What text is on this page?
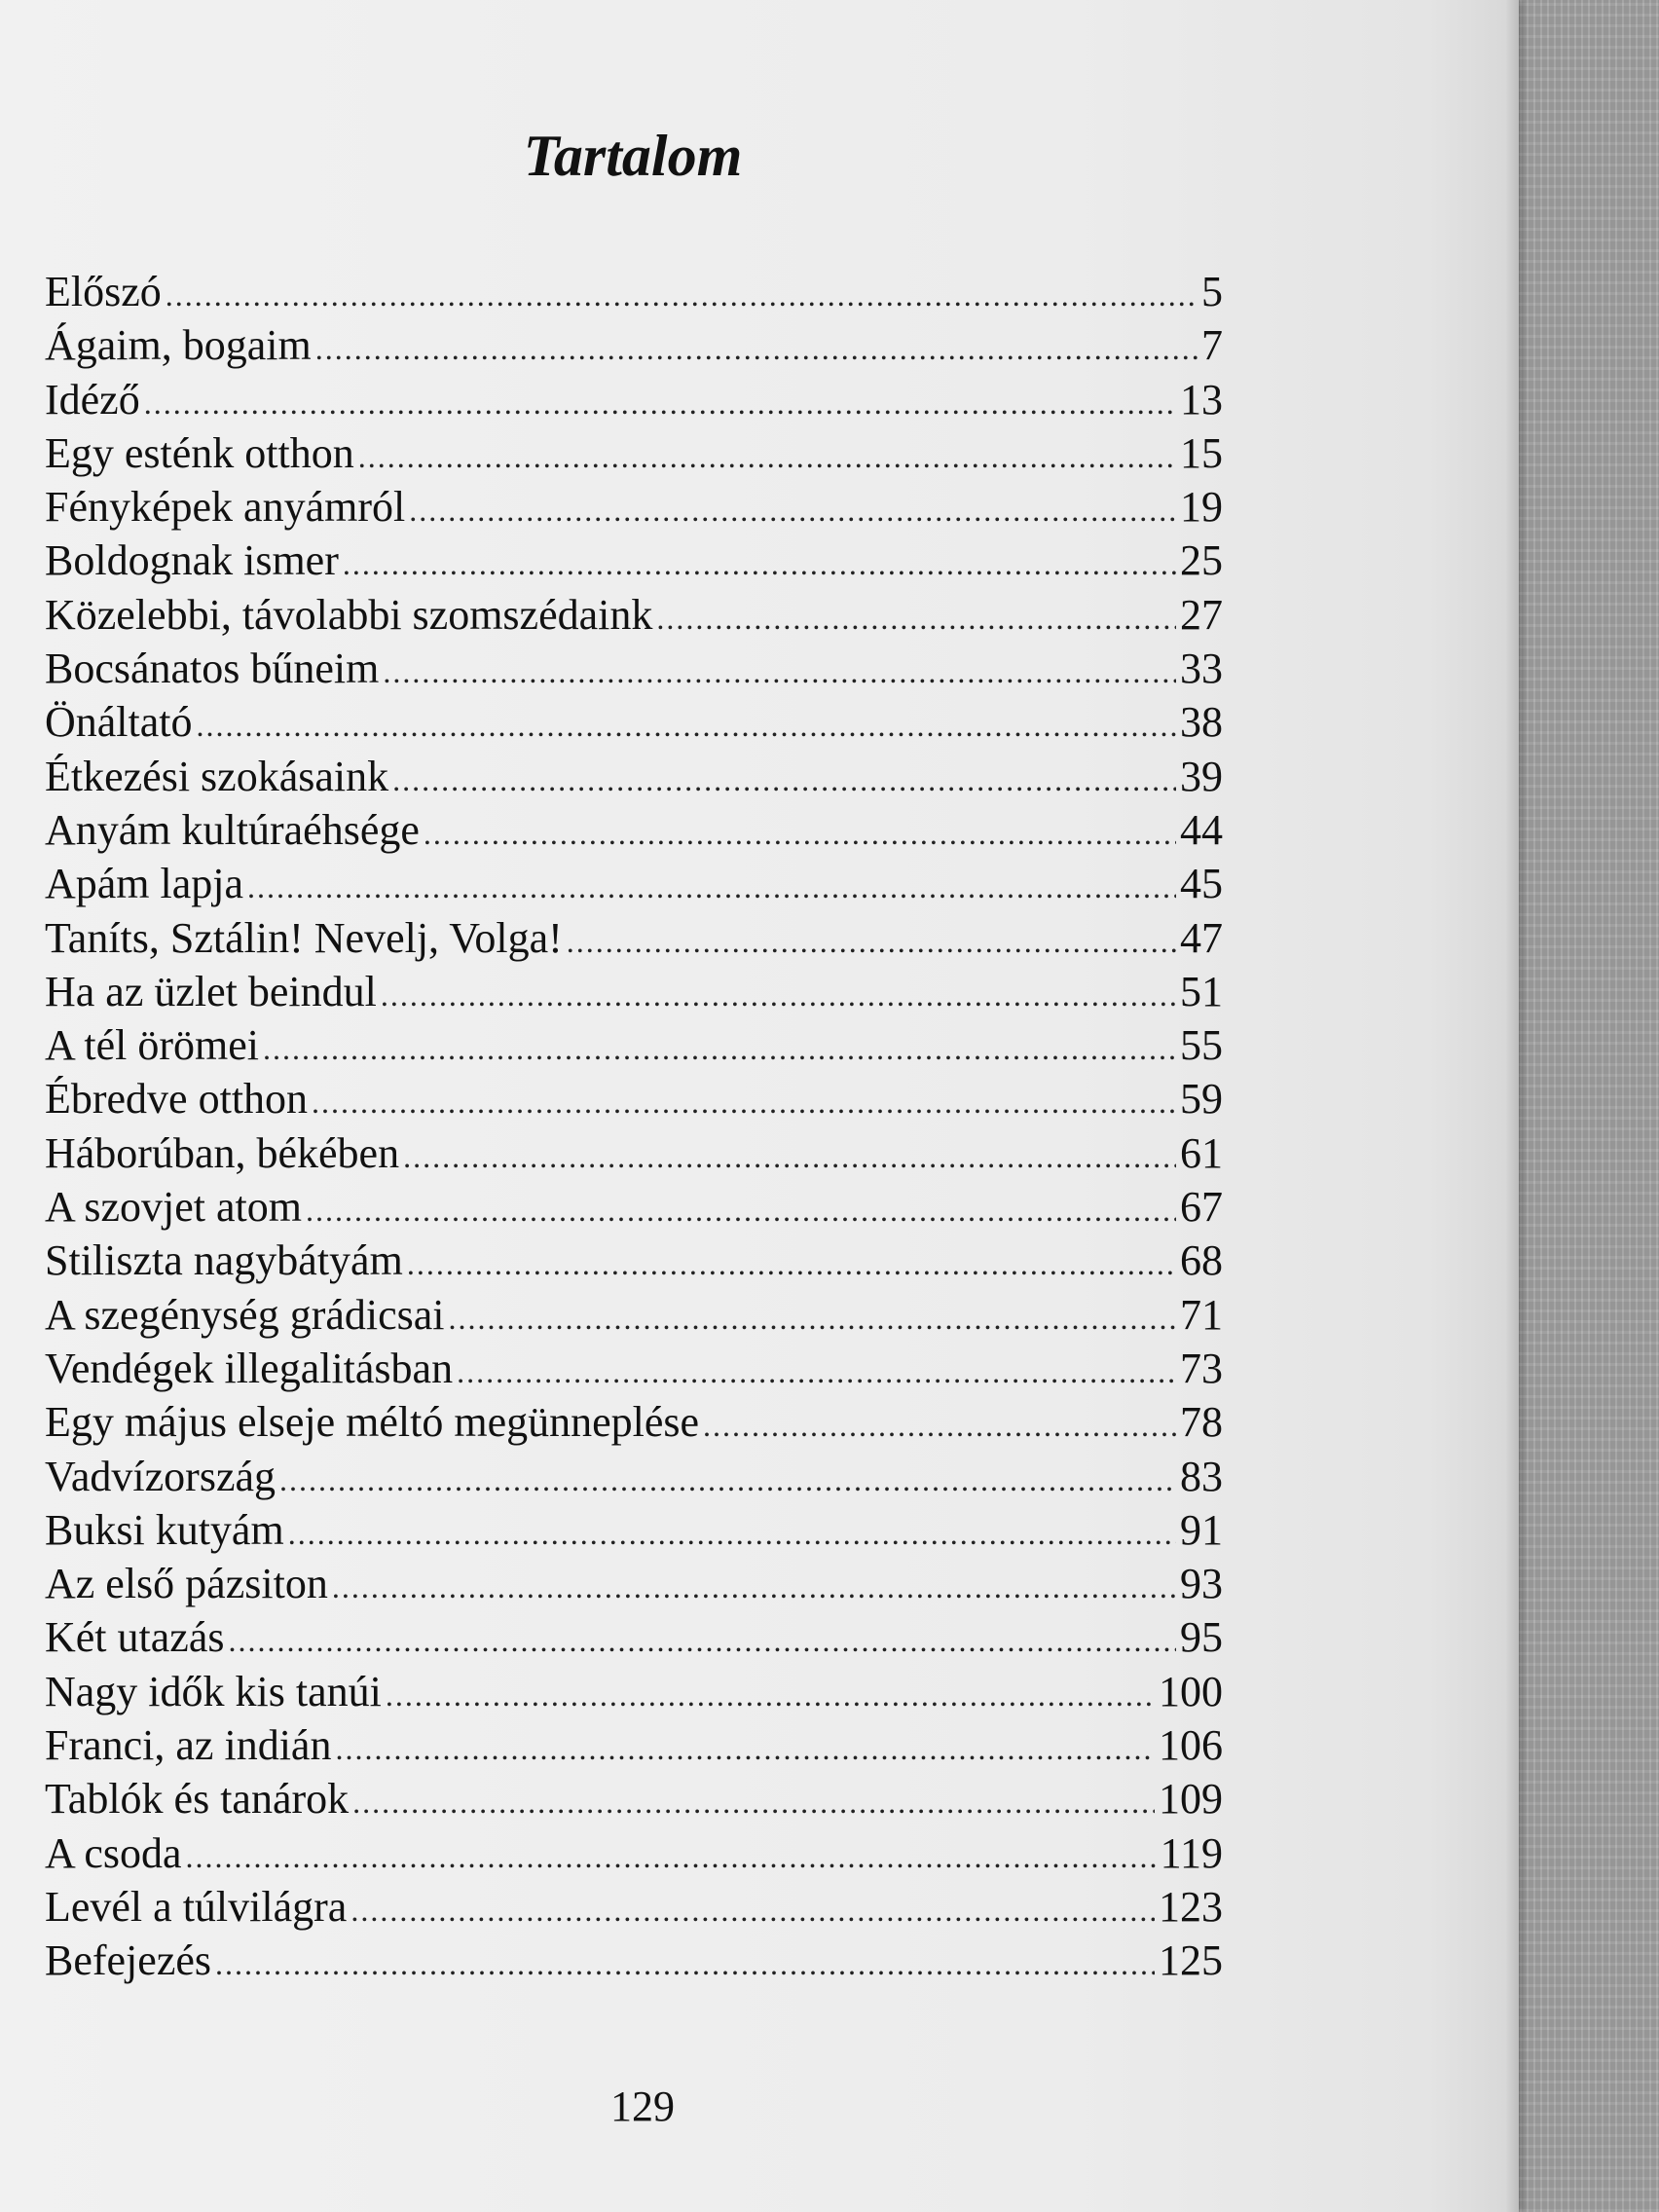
Tartalom
Előszó .....	5
Ágaim, bogaim .....	7
Idéző .....	13
Egy esténk otthon .....	15
Fényképek anyámról .....	19
Boldognak ismer .....	25
Közelebbi, távolabbi szomszédaink .....	27
Bocsánatos bűneim .....	33
Önáltató .....	38
Étkezési szokásaink .....	39
Anyám kultúraéhsége .....	44
Apám lapja .....	45
Taníts, Sztálin! Nevelj, Volga! .....	47
Ha az üzlet beindul .....	51
A tél örömei .....	55
Ébredve otthon .....	59
Háborúban, békében .....	61
A szovjet atom .....	67
Stiliszta nagybátyám .....	68
A szegénység grádicsai .....	71
Vendégek illegalitásban .....	73
Egy május elseje méltó megünneplése .....	78
Vadvízország .....	83
Buksi kutyám .....	91
Az első pázsiton .....	93
Két utazás .....	95
Nagy idők kis tanúi .....	100
Franci, az indián .....	106
Tablók és tanárok .....	109
A csoda .....	119
Levél a túlvilágra .....	123
Befejezés .....	125
129
